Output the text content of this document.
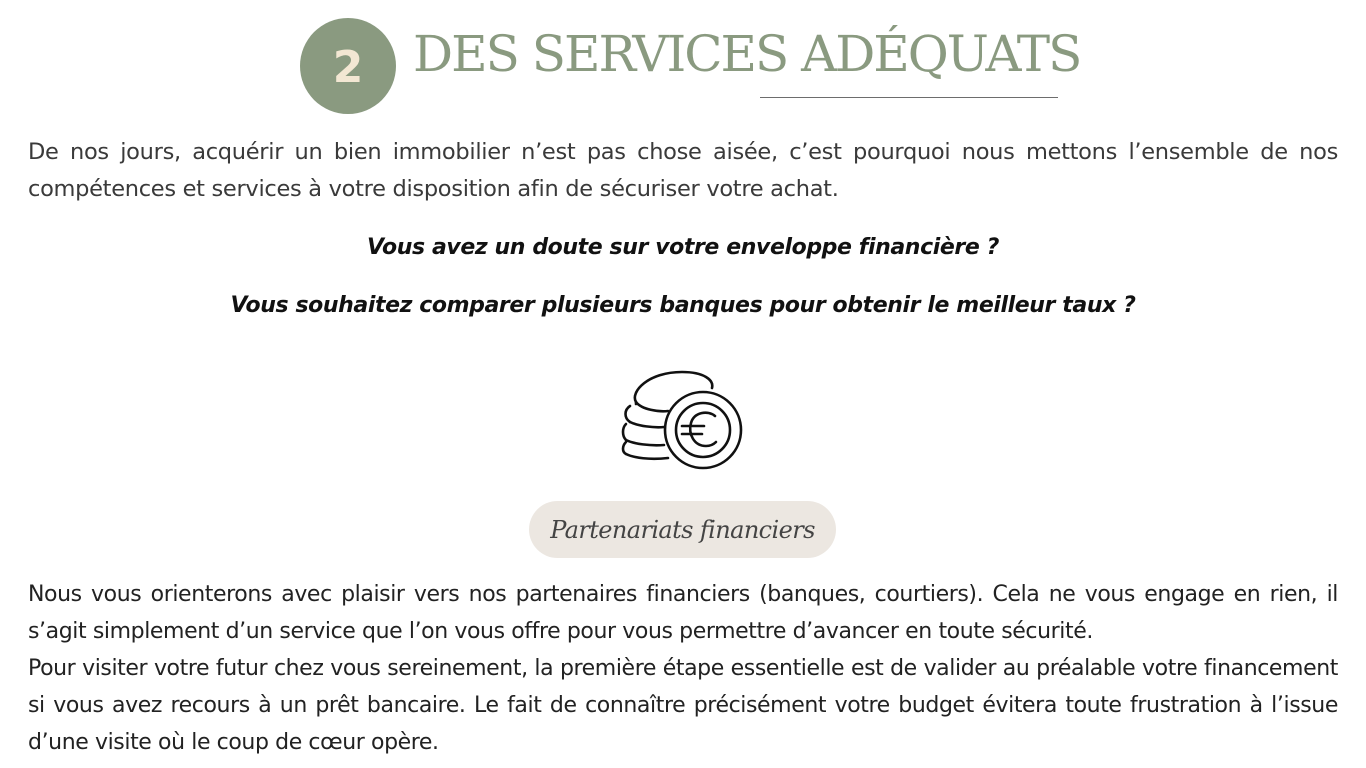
2 DES SERVICES ADÉQUATS
De nos jours, acquérir un bien immobilier n’est pas chose aisée, c’est pourquoi nous mettons l’ensemble de nos compétences et services à votre disposition afin de sécuriser votre achat.
Vous avez un doute sur votre enveloppe financière ?
Vous souhaitez comparer plusieurs banques pour obtenir le meilleur taux ?
Partenariats financiers

Nous vous orienterons avec plaisir vers nos partenaires financiers (banques, courtiers). Cela ne vous engage en rien, il s’agit simplement d’un service que l’on vous offre pour vous permettre d’avancer en toute sécurité.

Pour visiter votre futur chez vous sereinement, la première étape essentielle est de valider au préalable votre financement si vous avez recours à un prêt bancaire. Le fait de connaître précisément votre budget évitera toute frustration à l’issue d’une visite où le coup de cœur opère.
